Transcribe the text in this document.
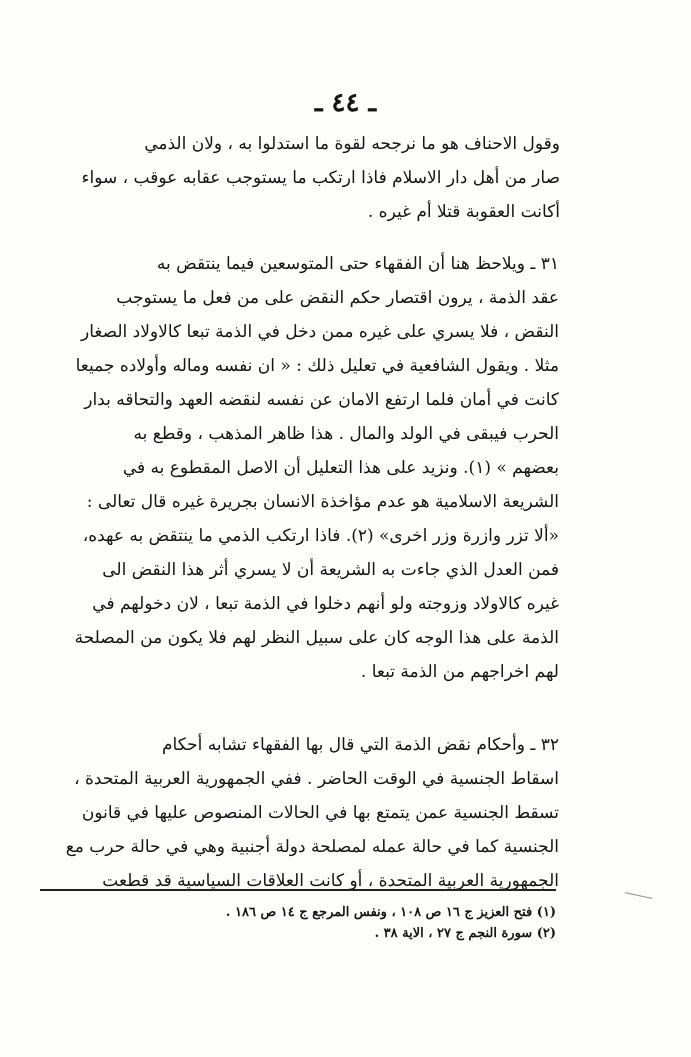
ـ ٤٤ ـ
وقول الاحناف هو ما نرجحه لقوة ما استدلوا به ، ولان الذمي
صار من أهل دار الاسلام فاذا ارتكب ما يستوجب عقابه عوقب ، سواء
أكانت العقوبة قتلا أم غيره .
٣١ ـ ويلاحظ هنا أن الفقهاء حتى المتوسعين فيما ينتقض به
عقد الذمة ، يرون اقتصار حكم النقض على من فعل ما يستوجب
النقض ، فلا يسري على غيره ممن دخل في الذمة تبعا كالاولاد الصغار
مثلا . ويقول الشافعية في تعليل ذلك : « ان نفسه وماله وأولاده جميعا
كانت في أمان فلما ارتفع الامان عن نفسه لنقضه العهد والتحاقه بدار
الحرب فيبقى في الولد والمال . هذا ظاهر المذهب ، وقطع به
بعضهم » (١). ونزيد على هذا التعليل أن الاصل المقطوع به في
الشريعة الاسلامية هو عدم مؤاخذة الانسان بجريرة غيره قال تعالى :
«ألا تزر وازرة وزر اخرى» (٢). فاذا ارتكب الذمي ما ينتقض به عهده،
فمن العدل الذي جاءت به الشريعة أن لا يسري أثر هذا النقض الى
غيره كالاولاد وزوجته ولو أنهم دخلوا في الذمة تبعا ، لان دخولهم في
الذمة على هذا الوجه كان على سبيل النظر لهم فلا يكون من المصلحة
لهم اخراجهم من الذمة تبعا .
٣٢ ـ وأحكام نقض الذمة التي قال بها الفقهاء تشابه أحكام
اسقاط الجنسية في الوقت الحاضر . ففي الجمهورية العربية المتحدة ،
تسقط الجنسية عمن يتمتع بها في الحالات المنصوص عليها في قانون
الجنسية كما في حالة عمله لمصلحة دولة أجنبية وهي في حالة حرب مع
الجمهورية العربية المتحدة ، أو كانت العلاقات السياسية قد قطعت
(١) فتح العزيز ج ١٦ ص ١٠٨ ، ونفس المرجع ج ١٤ ص ١٨٦ .
(٢) سورة النجم ج ٢٧ ، الاية ٣٨ .
